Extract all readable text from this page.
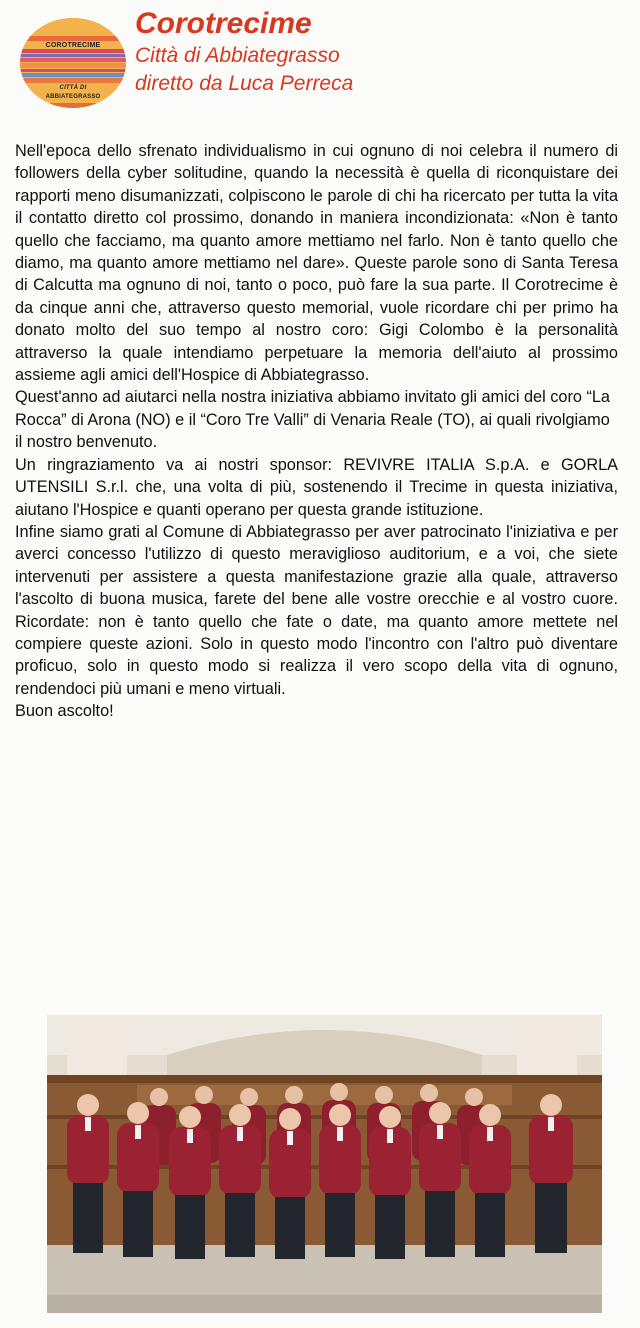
COROTRECIME
CITTÀ DI
ABBIATEGRASSO
Corotrecime

Città di Abbiategrasso

diretto da Luca Perreca

Nell'epoca dello sfrenato individualismo in cui ognuno di noi celebra il numero di followers della cyber solitudine, quando la necessità è quella di riconquistare dei rapporti meno disumanizzati, colpiscono le parole di chi ha ricercato per tutta la vita il contatto diretto col prossimo, donando in maniera incondizionata: «Non è tanto quello che facciamo, ma quanto amore mettiamo nel farlo. Non è tanto quello che diamo, ma quanto amore mettiamo nel dare». Queste parole sono di Santa Teresa di Calcutta ma ognuno di noi, tanto o poco, può fare la sua parte. Il Corotrecime è da cinque anni che, attraverso questo memorial, vuole ricordare chi per primo ha donato molto del suo tempo al nostro coro: Gigi Colombo è la personalità attraverso la quale intendiamo perpetuare la memoria dell'aiuto al prossimo assieme agli amici dell'Hospice di Abbiategrasso.

Quest'anno ad aiutarci nella nostra iniziativa abbiamo invitato gli amici del coro “La Rocca” di Arona (NO) e il “Coro Tre Valli” di Venaria Reale (TO), ai quali rivolgiamo il nostro benvenuto.

Un ringraziamento va ai nostri sponsor: REVIVRE ITALIA S.p.A. e GORLA UTENSILI S.r.l. che, una volta di più, sostenendo il Trecime in questa iniziativa, aiutano l'Hospice e quanti operano per questa grande istituzione.

Infine siamo grati al Comune di Abbiategrasso per aver patrocinato l'iniziativa e per averci concesso l'utilizzo di questo meraviglioso auditorium, e a voi, che siete intervenuti per assistere a questa manifestazione grazie alla quale, attraverso l'ascolto di buona musica, farete del bene alle vostre orecchie e al vostro cuore. Ricordate: non è tanto quello che fate o date, ma quanto amore mettete nel compiere queste azioni. Solo in questo modo l'incontro con l'altro può diventare proficuo, solo in questo modo si realizza il vero scopo della vita di ognuno, rendendoci più umani e meno virtuali.

Buon ascolto!
